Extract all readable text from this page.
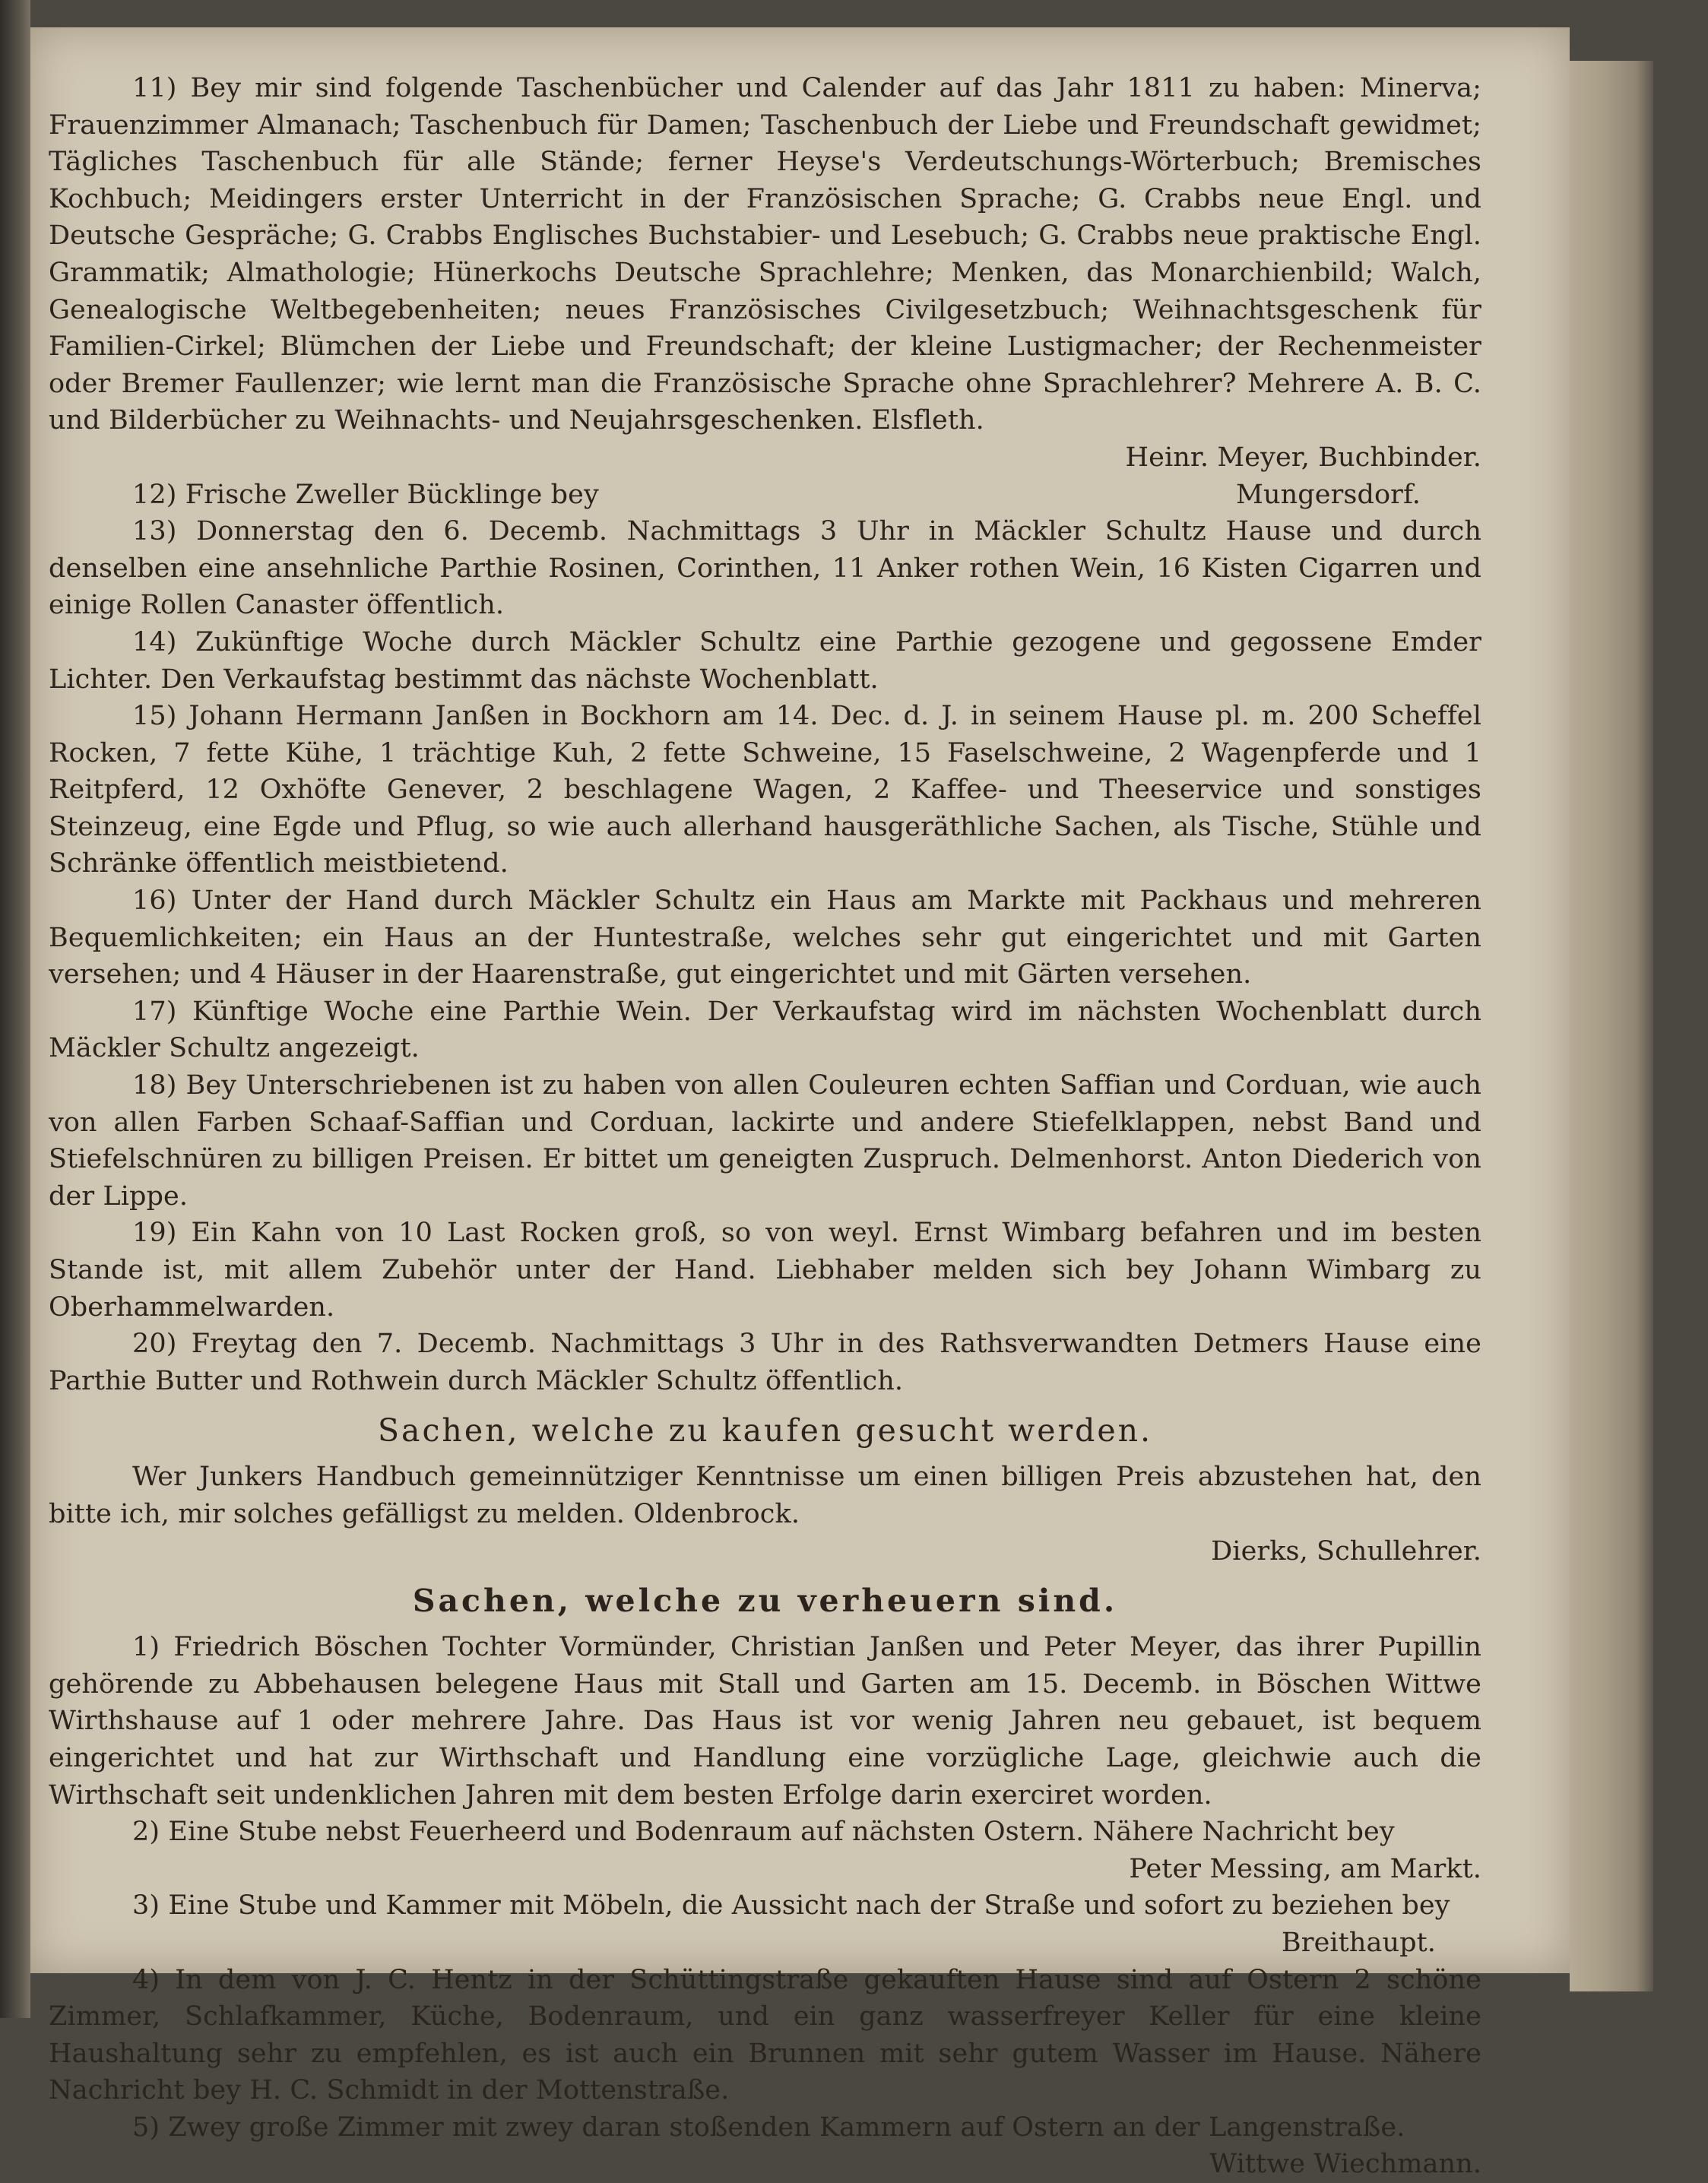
11) Bey mir sind folgende Taschenbücher und Calender auf das Jahr 1811 zu haben: Minerva; Frauenzimmer Almanach; Taschenbuch für Damen; Taschenbuch der Liebe und Freundschaft gewidmet; Tägliches Taschenbuch für alle Stände; ferner Heyse's Verdeutschungs-Wörterbuch; Bremisches Kochbuch; Meidingers erster Unterricht in der Französischen Sprache; G. Crabbs neue Engl. und Deutsche Gespräche; G. Crabbs Englisches Buchstabier- und Lesebuch; G. Crabbs neue praktische Engl. Grammatik; Almathologie; Hünerkochs Deutsche Sprachlehre; Menken, das Monarchienbild; Walch, Genealogische Weltbegebenheiten; neues Französisches Civilgesetzbuch; Weihnachtsgeschenk für Familien-Cirkel; Blümchen der Liebe und Freundschaft; der kleine Lustigmacher; der Rechenmeister oder Bremer Faullenzer; wie lernt man die Französische Sprache ohne Sprachlehrer? Mehrere A. B. C. und Bilderbücher zu Weihnachts- und Neujahrsgeschenken. Elsfleth.

Heinr. Meyer, Buchbinder.

12) Frische Zweller Bücklinge bey	Mungersdorf.

13) Donnerstag den 6. Decemb. Nachmittags 3 Uhr in Mäckler Schultz Hause und durch denselben eine ansehnliche Parthie Rosinen, Corinthen, 11 Anker rothen Wein, 16 Kisten Cigarren und einige Rollen Canaster öffentlich.

14) Zukünftige Woche durch Mäckler Schultz eine Parthie gezogene und gegossene Emder Lichter. Den Verkaufstag bestimmt das nächste Wochenblatt.

15) Johann Hermann Janßen in Bockhorn am 14. Dec. d. J. in seinem Hause pl. m. 200 Scheffel Rocken, 7 fette Kühe, 1 trächtige Kuh, 2 fette Schweine, 15 Faselschweine, 2 Wagenpferde und 1 Reitpferd, 12 Oxhöfte Genever, 2 beschlagene Wagen, 2 Kaffee- und Theeservice und sonstiges Steinzeug, eine Egde und Pflug, so wie auch allerhand hausgeräthliche Sachen, als Tische, Stühle und Schränke öffentlich meistbietend.

16) Unter der Hand durch Mäckler Schultz ein Haus am Markte mit Packhaus und mehreren Bequemlichkeiten; ein Haus an der Huntestraße, welches sehr gut eingerichtet und mit Garten versehen; und 4 Häuser in der Haarenstraße, gut eingerichtet und mit Gärten versehen.

17) Künftige Woche eine Parthie Wein. Der Verkaufstag wird im nächsten Wochenblatt durch Mäckler Schultz angezeigt.

18) Bey Unterschriebenen ist zu haben von allen Couleuren echten Saffian und Corduan, wie auch von allen Farben Schaaf-Saffian und Corduan, lackirte und andere Stiefelklappen, nebst Band und Stiefelschnüren zu billigen Preisen. Er bittet um geneigten Zuspruch. Delmenhorst. Anton Diederich von der Lippe.

19) Ein Kahn von 10 Last Rocken groß, so von weyl. Ernst Wimbarg befahren und im besten Stande ist, mit allem Zubehör unter der Hand. Liebhaber melden sich bey Johann Wimbarg zu Oberhammelwarden.

20) Freytag den 7. Decemb. Nachmittags 3 Uhr in des Rathsverwandten Detmers Hause eine Parthie Butter und Rothwein durch Mäckler Schultz öffentlich.

Sachen, welche zu kaufen gesucht werden.

Wer Junkers Handbuch gemeinnütziger Kenntnisse um einen billigen Preis abzustehen hat, den bitte ich, mir solches gefälligst zu melden. Oldenbrock.

Dierks, Schullehrer.

Sachen, welche zu verheuern sind.

1) Friedrich Böschen Tochter Vormünder, Christian Janßen und Peter Meyer, das ihrer Pupillin gehörende zu Abbehausen belegene Haus mit Stall und Garten am 15. Decemb. in Böschen Wittwe Wirthshause auf 1 oder mehrere Jahre. Das Haus ist vor wenig Jahren neu gebauet, ist bequem eingerichtet und hat zur Wirthschaft und Handlung eine vorzügliche Lage, gleichwie auch die Wirthschaft seit undenklichen Jahren mit dem besten Erfolge darin exerciret worden.

2) Eine Stube nebst Feuerheerd und Bodenraum auf nächsten Ostern. Nähere Nachricht bey

Peter Messing, am Markt.

3) Eine Stube und Kammer mit Möbeln, die Aussicht nach der Straße und sofort zu beziehen bey

Breithaupt.

4) In dem von J. C. Hentz in der Schüttingstraße gekauften Hause sind auf Ostern 2 schöne Zimmer, Schlafkammer, Küche, Bodenraum, und ein ganz wasserfreyer Keller für eine kleine Haushaltung sehr zu empfehlen, es ist auch ein Brunnen mit sehr gutem Wasser im Hause. Nähere Nachricht bey H. C. Schmidt in der Mottenstraße.

5) Zwey große Zimmer mit zwey daran stoßenden Kammern auf Ostern an der Langenstraße.

Wittwe Wiechmann.
